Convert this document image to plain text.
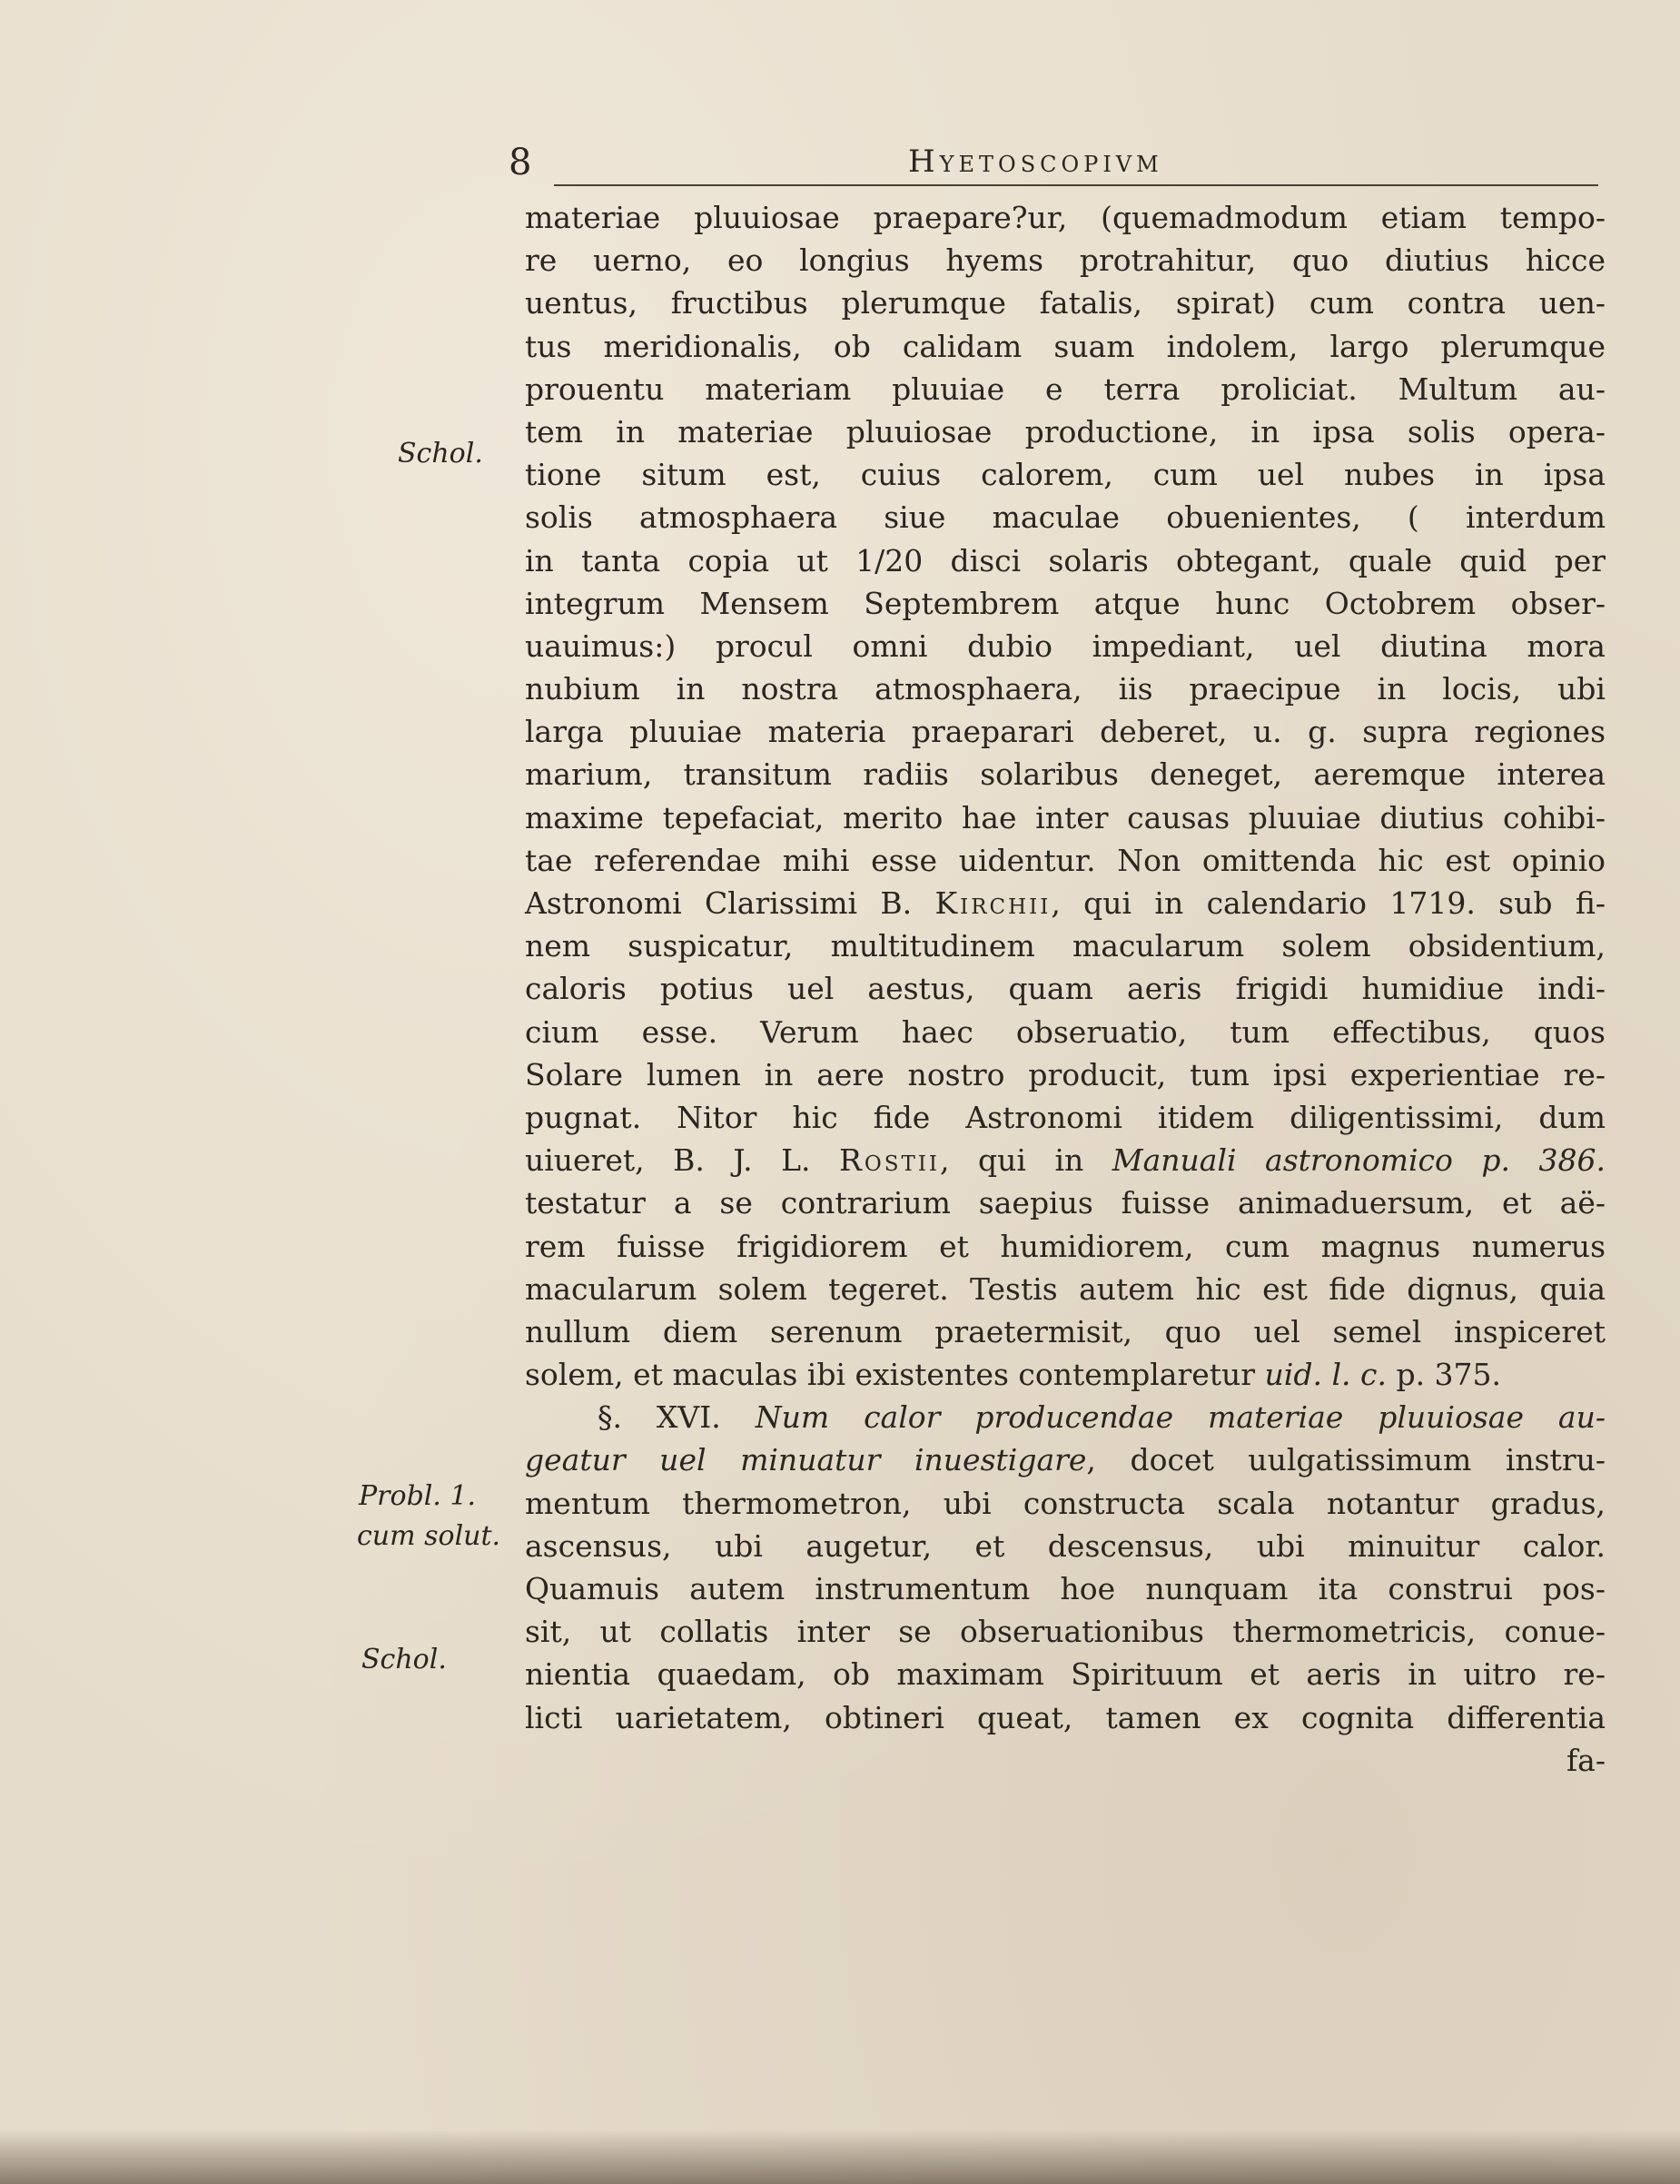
8	Hyetoscopivm
Schol.
Probl. 1.
cum solut.
Schol.
materiae pluuiosae praepare?ur, (quemadmodum etiam tempo-
re uerno, eo longius hyems protrahitur, quo diutius hicce
uentus, fructibus plerumque fatalis, spirat) cum contra uen-
tus meridionalis, ob calidam suam indolem, largo plerumque
prouentu materiam pluuiae e terra proliciat. Multum au-
tem in materiae pluuiosae productione, in ipsa solis opera-
tione situm est, cuius calorem, cum uel nubes in ipsa
solis atmosphaera siue maculae obuenientes, ( interdum
in tanta copia ut 1/20 disci solaris obtegant, quale quid per
integrum Mensem Septembrem atque hunc Octobrem obser-
uauimus:) procul omni dubio impediant, uel diutina mora
nubium in nostra atmosphaera, iis praecipue in locis, ubi
larga pluuiae materia praeparari deberet, u. g. supra regiones
marium, transitum radiis solaribus deneget, aeremque interea
maxime tepefaciat, merito hae inter causas pluuiae diutius cohibi-
tae referendae mihi esse uidentur. Non omittenda hic est opinio
Astronomi Clarissimi B. Kirchii, qui in calendario 1719. sub fi-
nem suspicatur, multitudinem macularum solem obsidentium,
caloris potius uel aestus, quam aeris frigidi humidiue indi-
cium esse. Verum haec obseruatio, tum effectibus, quos
Solare lumen in aere nostro producit, tum ipsi experientiae re-
pugnat. Nitor hic fide Astronomi itidem diligentissimi, dum
uiueret, B. J. L. Rostii, qui in Manuali astronomico p. 386.
testatur a se contrarium saepius fuisse animaduersum, et aë-
rem fuisse frigidiorem et humidiorem, cum magnus numerus
macularum solem tegeret. Testis autem hic est fide dignus, quia
nullum diem serenum praetermisit, quo uel semel inspiceret
solem, et maculas ibi existentes contemplaretur uid. l. c. p. 375.
§. XVI. Num calor producendae materiae pluuiosae au-
geatur uel minuatur inuestigare, docet uulgatissimum instru-
mentum thermometron, ubi constructa scala notantur gradus,
ascensus, ubi augetur, et descensus, ubi minuitur calor.
Quamuis autem instrumentum hoe nunquam ita construi pos-
sit, ut collatis inter se obseruationibus thermometricis, conue-
nientia quaedam, ob maximam Spirituum et aeris in uitro re-
licti uarietatem, obtineri queat, tamen ex cognita differentia
fa-
